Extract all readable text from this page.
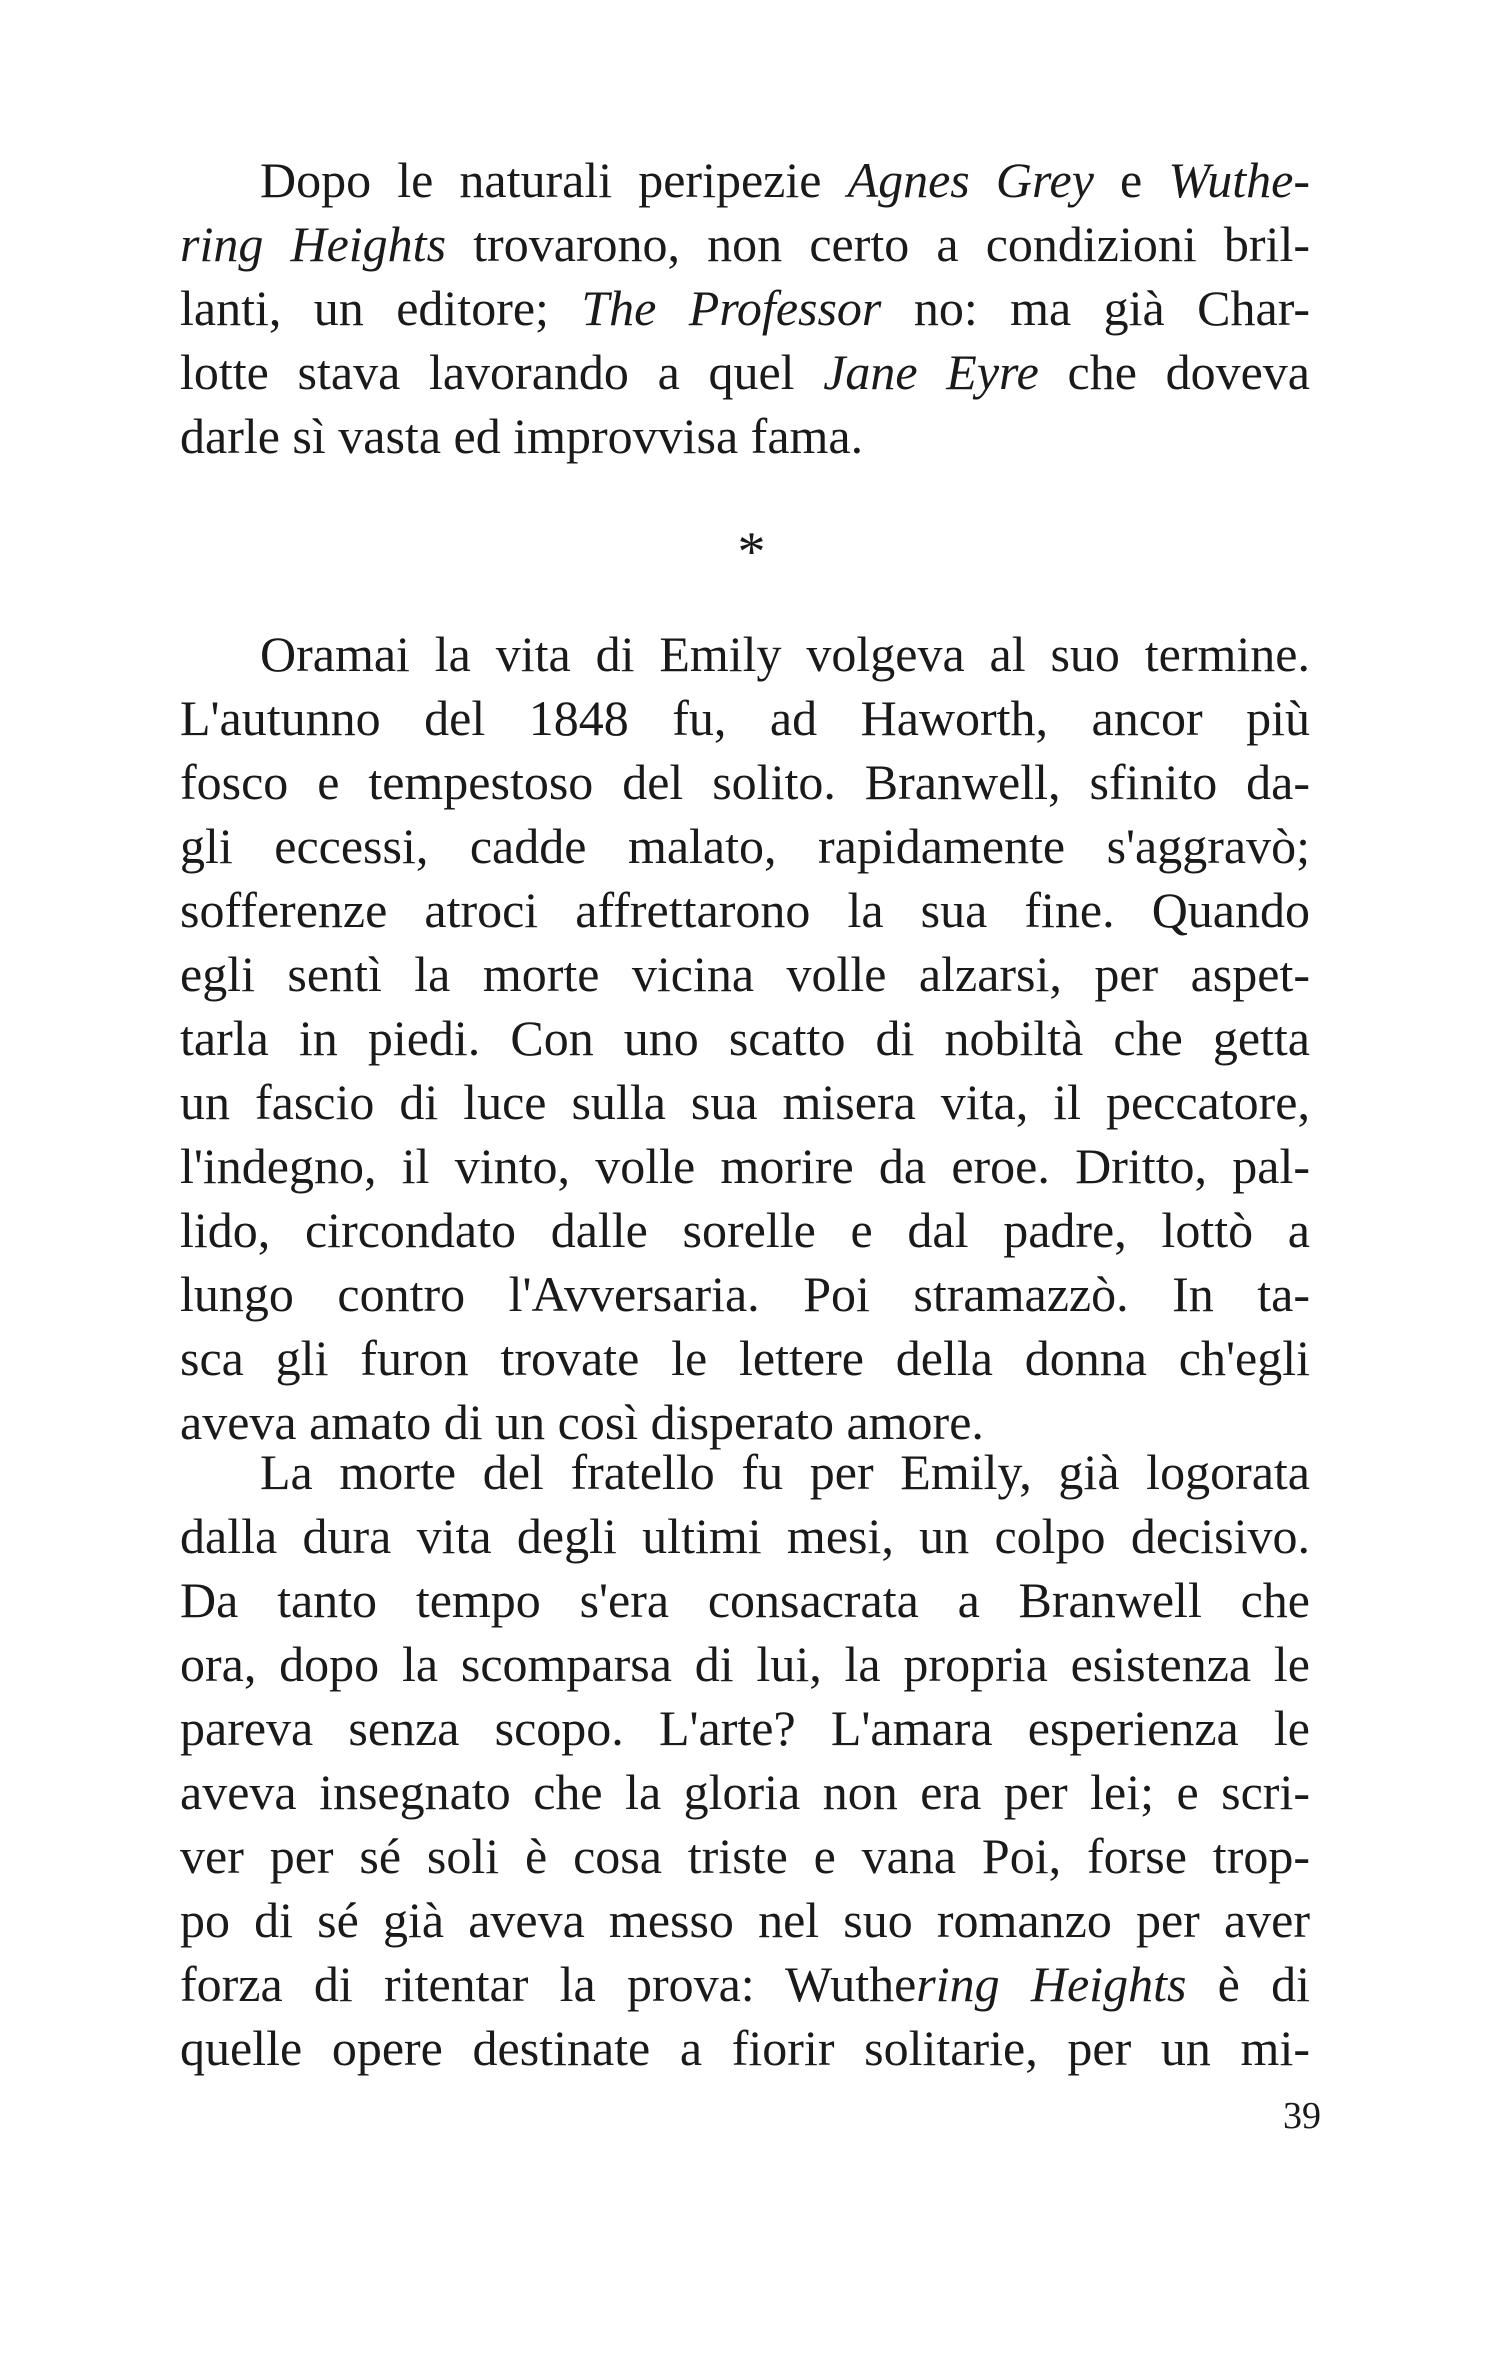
Dopo le naturali peripezie Agnes Grey e Wuthe-
ring Heights trovarono, non certo a condizioni bril-
lanti, un editore; The Professor no: ma già Char-
lotte stava lavorando a quel Jane Eyre che doveva
darle sì vasta ed improvvisa fama.
*
Oramai la vita di Emily volgeva al suo termine.
L'autunno del 1848 fu, ad Haworth, ancor più
fosco e tempestoso del solito. Branwell, sfinito da-
gli eccessi, cadde malato, rapidamente s'aggravò;
sofferenze atroci affrettarono la sua fine. Quando
egli sentì la morte vicina volle alzarsi, per aspet-
tarla in piedi. Con uno scatto di nobiltà che getta
un fascio di luce sulla sua misera vita, il peccatore,
l'indegno, il vinto, volle morire da eroe. Dritto, pal-
lido, circondato dalle sorelle e dal padre, lottò a
lungo contro l'Avversaria. Poi stramazzò. In ta-
sca gli furon trovate le lettere della donna ch'egli
aveva amato di un così disperato amore.
La morte del fratello fu per Emily, già logorata
dalla dura vita degli ultimi mesi, un colpo decisivo.
Da tanto tempo s'era consacrata a Branwell che
ora, dopo la scomparsa di lui, la propria esistenza le
pareva senza scopo. L'arte? L'amara esperienza le
aveva insegnato che la gloria non era per lei; e scri-
ver per sé soli è cosa triste e vana Poi, forse trop-
po di sé già aveva messo nel suo romanzo per aver
forza di ritentar la prova: Wuthering Heights è di
quelle opere destinate a fiorir solitarie, per un mi-
39
